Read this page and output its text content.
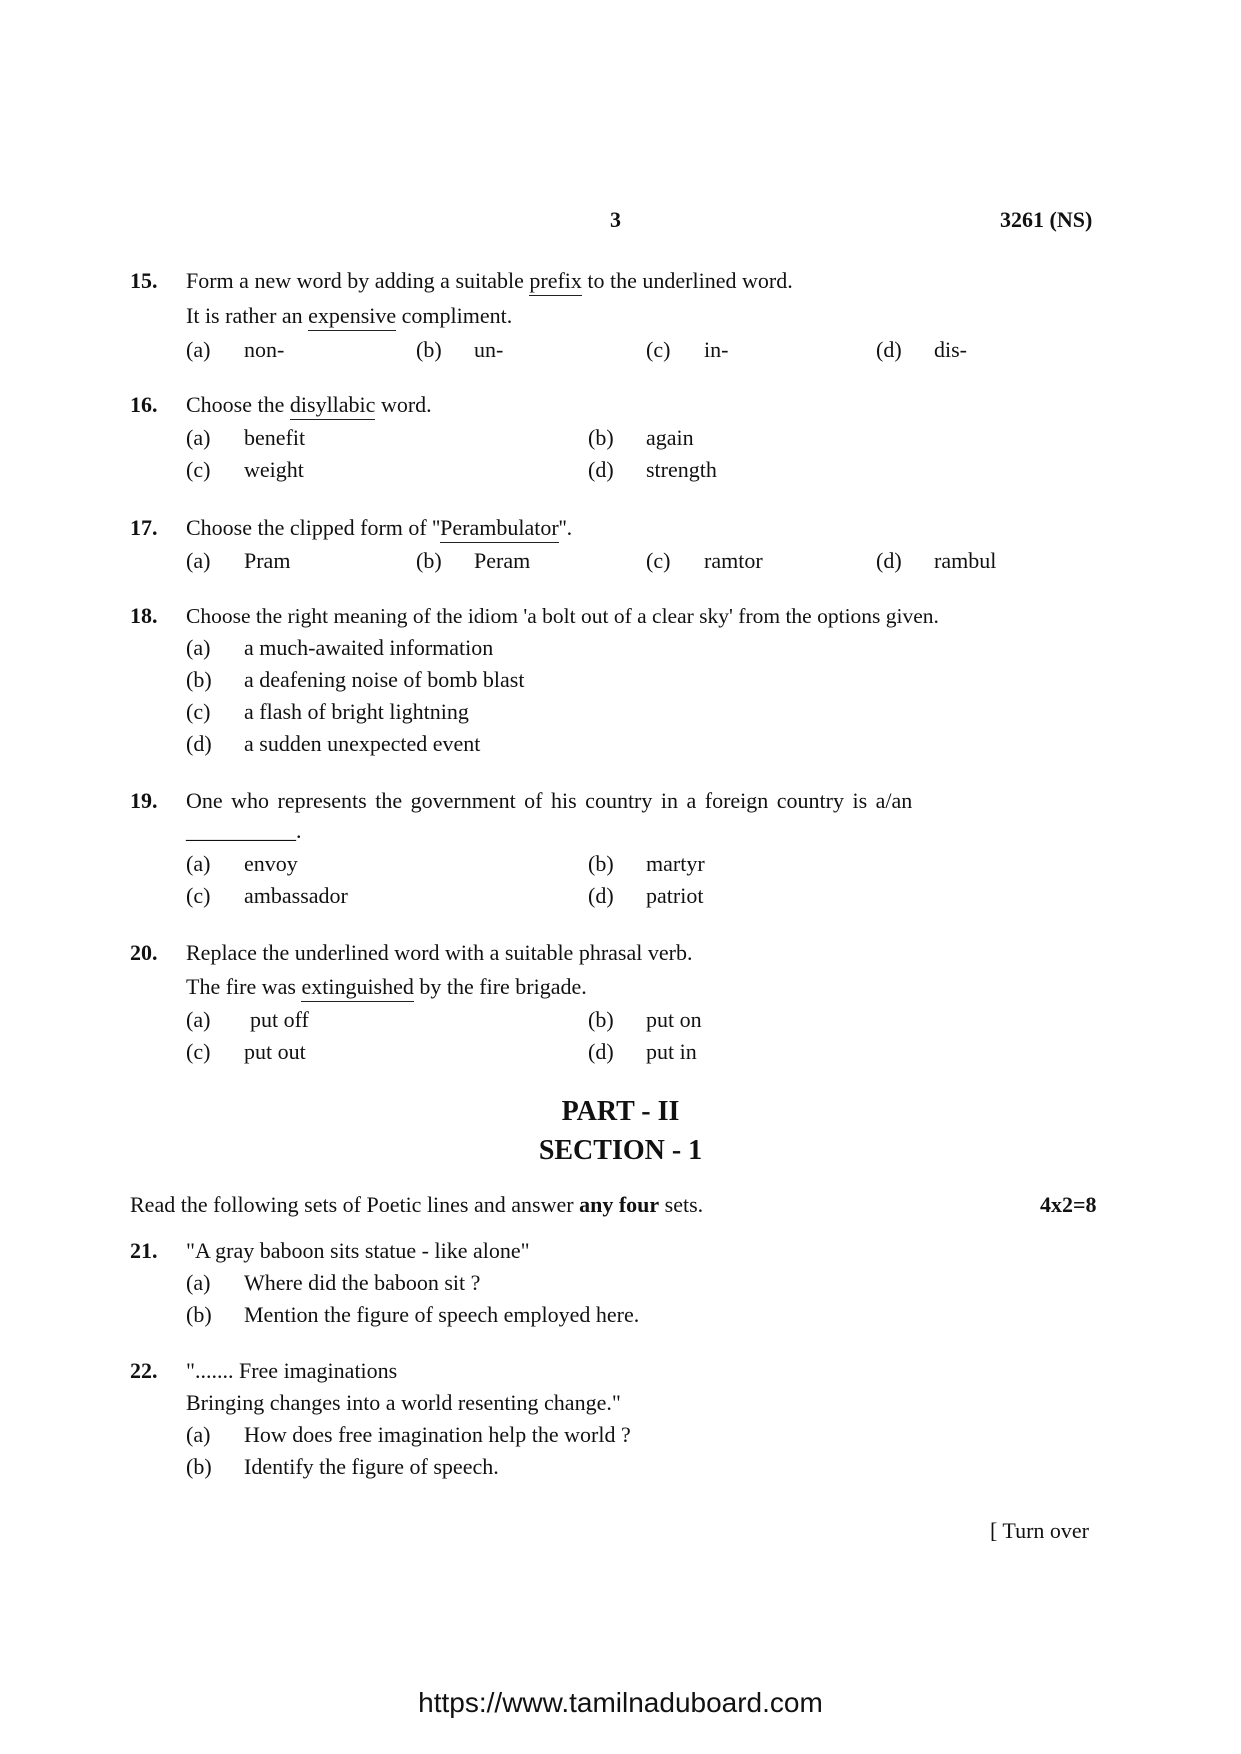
3	3261 (NS)
15. Form a new word by adding a suitable prefix to the underlined word.
It is rather an expensive compliment.
(a) non-	(b) un-	(c) in-	(d) dis-
16. Choose the disyllabic word.
(a) benefit	(b) again
(c) weight	(d) strength
17. Choose the clipped form of ''Perambulator''.
(a) Pram	(b) Peram	(c) ramtor	(d) rambul
18. Choose the right meaning of the idiom 'a bolt out of a clear sky' from the options given.
(a) a much-awaited information
(b) a deafening noise of bomb blast
(c) a flash of bright lightning
(d) a sudden unexpected event
19. One who represents the government of his country in a foreign country is a/an
__________.
(a) envoy	(b) martyr
(c) ambassador	(d) patriot
20. Replace the underlined word with a suitable phrasal verb.
The fire was extinguished by the fire brigade.
(a) put off	(b) put on
(c) put out	(d) put in
PART - II
SECTION - 1
Read the following sets of Poetic lines and answer any four sets.	4x2=8
21. "A gray baboon sits statue - like alone"
(a) Where did the baboon sit ?
(b) Mention the figure of speech employed here.
22. "....... Free imaginations
Bringing changes into a world resenting change."
(a) How does free imagination help the world ?
(b) Identify the figure of speech.
[ Turn over
https://www.tamilnaduboard.com
